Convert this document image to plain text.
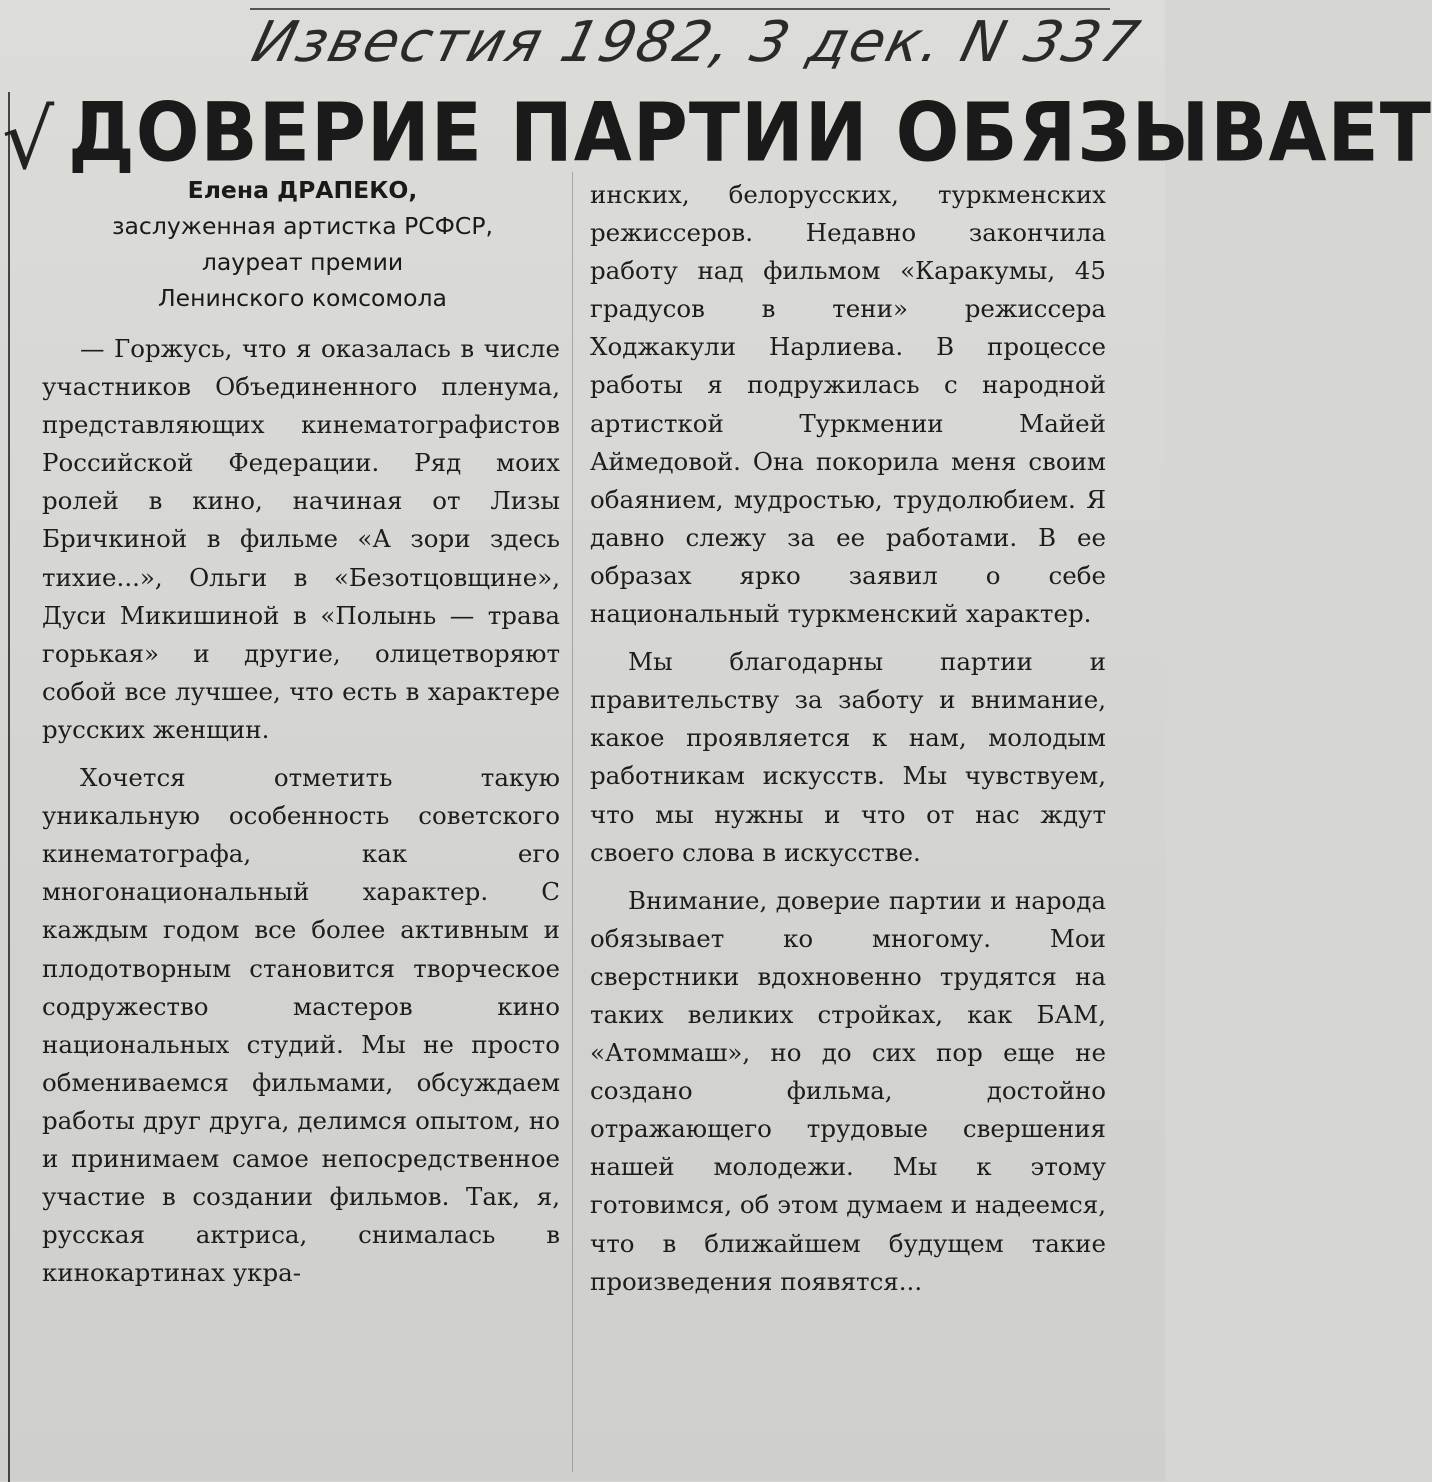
Известия 1982, 3 дек. N 337
√ ДОВЕРИЕ ПАРТИИ ОБЯЗЫВАЕТ
Елена ДРАПЕКО,
заслуженная артистка РСФСР,
лауреат премии
Ленинского комсомола

— Горжусь, что я оказалась в числе участников Объединенного пленума, представляющих кинематографистов Российской Федерации. Ряд моих ролей в кино, начиная от Лизы Бричкиной в фильме «А зори здесь тихие...», Ольги в «Безотцовщине», Дуси Микишиной в «Полынь — трава горькая» и другие, олицетворяют собой все лучшее, что есть в характере русских женщин.

Хочется отметить такую уникальную особенность советского кинематографа, как его многонациональный характер. С каждым годом все более активным и плодотворным становится творческое содружество мастеров кино национальных студий. Мы не просто обмениваемся фильмами, обсуждаем работы друг друга, делимся опытом, но и принимаем самое непосредственное участие в создании фильмов. Так, я, русская актриса, снималась в кинокартинах укра-

инских, белорусских, туркменских режиссеров. Недавно закончила работу над фильмом «Каракумы, 45 градусов в тени» режиссера Ходжакули Нарлиева. В процессе работы я подружилась с народной артисткой Туркмении Майей Аймедовой. Она покорила меня своим обаянием, мудростью, трудолюбием. Я давно слежу за ее работами. В ее образах ярко заявил о себе национальный туркменский характер.

Мы благодарны партии и правительству за заботу и внимание, какое проявляется к нам, молодым работникам искусств. Мы чувствуем, что мы нужны и что от нас ждут своего слова в искусстве.

Внимание, доверие партии и народа обязывает ко многому. Мои сверстники вдохновенно трудятся на таких великих стройках, как БАМ, «Атоммаш», но до сих пор еще не создано фильма, достойно отражающего трудовые свершения нашей молодежи. Мы к этому готовимся, об этом думаем и надеемся, что в ближайшем будущем такие произведения появятся...
